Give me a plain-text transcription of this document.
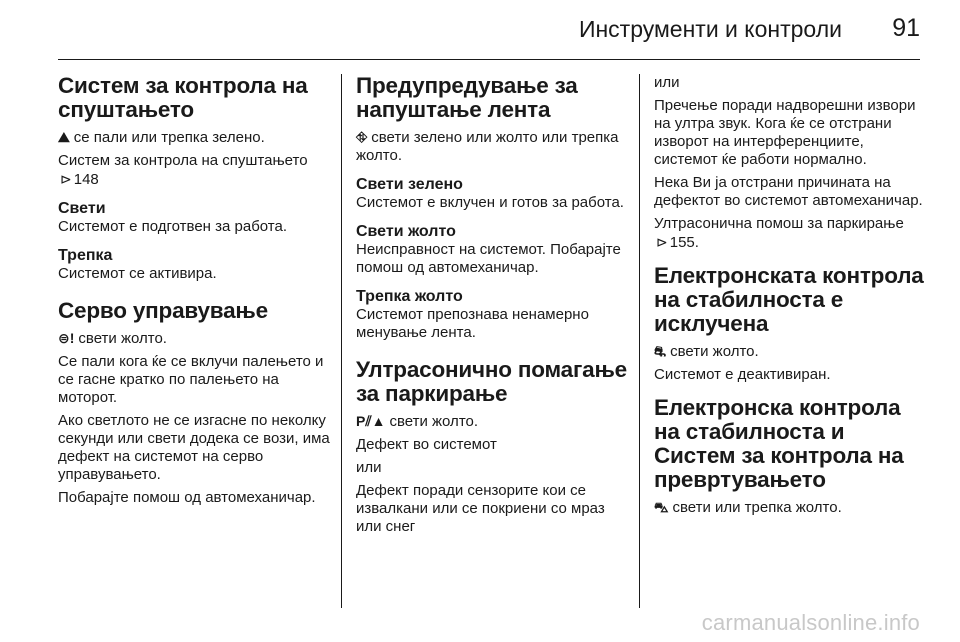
Инструменти и контроли 91
Систем за контрола на спуштањето

⛰ се пали или трепка зелено.

Систем за контрола на спуштањето ⊳ 148

Свети

Системот е подготвен за работа.

Трепка

Системот се активира.

Серво управување

⊜! свети жолто.

Се пали кога ќе се вклучи палењето и се гасне кратко по палењето на моторот.

Ако светлото не се изгасне по неколку секунди или свети додека се вози, има дефект на системот на серво управувањето.

Побарајте помош од автомеханичар.

Предупредување за напуштање лента

⛗ свети зелено или жолто или трепка жолто.

Свети зелено

Системот е вклучен и готов за работа.

Свети жолто

Неисправност на системот. Побарајте помош од автомеханичар.

Трепка жолто

Системот препознава ненамерно менување лента.

Ултрасонично помагање за паркирање

P⫽▲ свети жолто.

Дефект во системот

или

Дефект поради сензорите кои се извалкани или се покриени со мраз или снег

или

Пречење поради надворешни извори на ултра звук. Кога ќе се отстрани изворот на интерференциите, системот ќе работи нормално.

Нека Ви ја отстрани причината на дефектот во системот автомеханичар.

Ултрасонична помош за паркирање ⊳ 155.

Електронската контрола на стабилноста е исклучена

⛐ свети жолто.

Системот е деактивиран.

Електронска контрола на стабилноста и Систем за контрола на превртувањето

⛍ свети или трепка жолто.

carmanualsonline.info
